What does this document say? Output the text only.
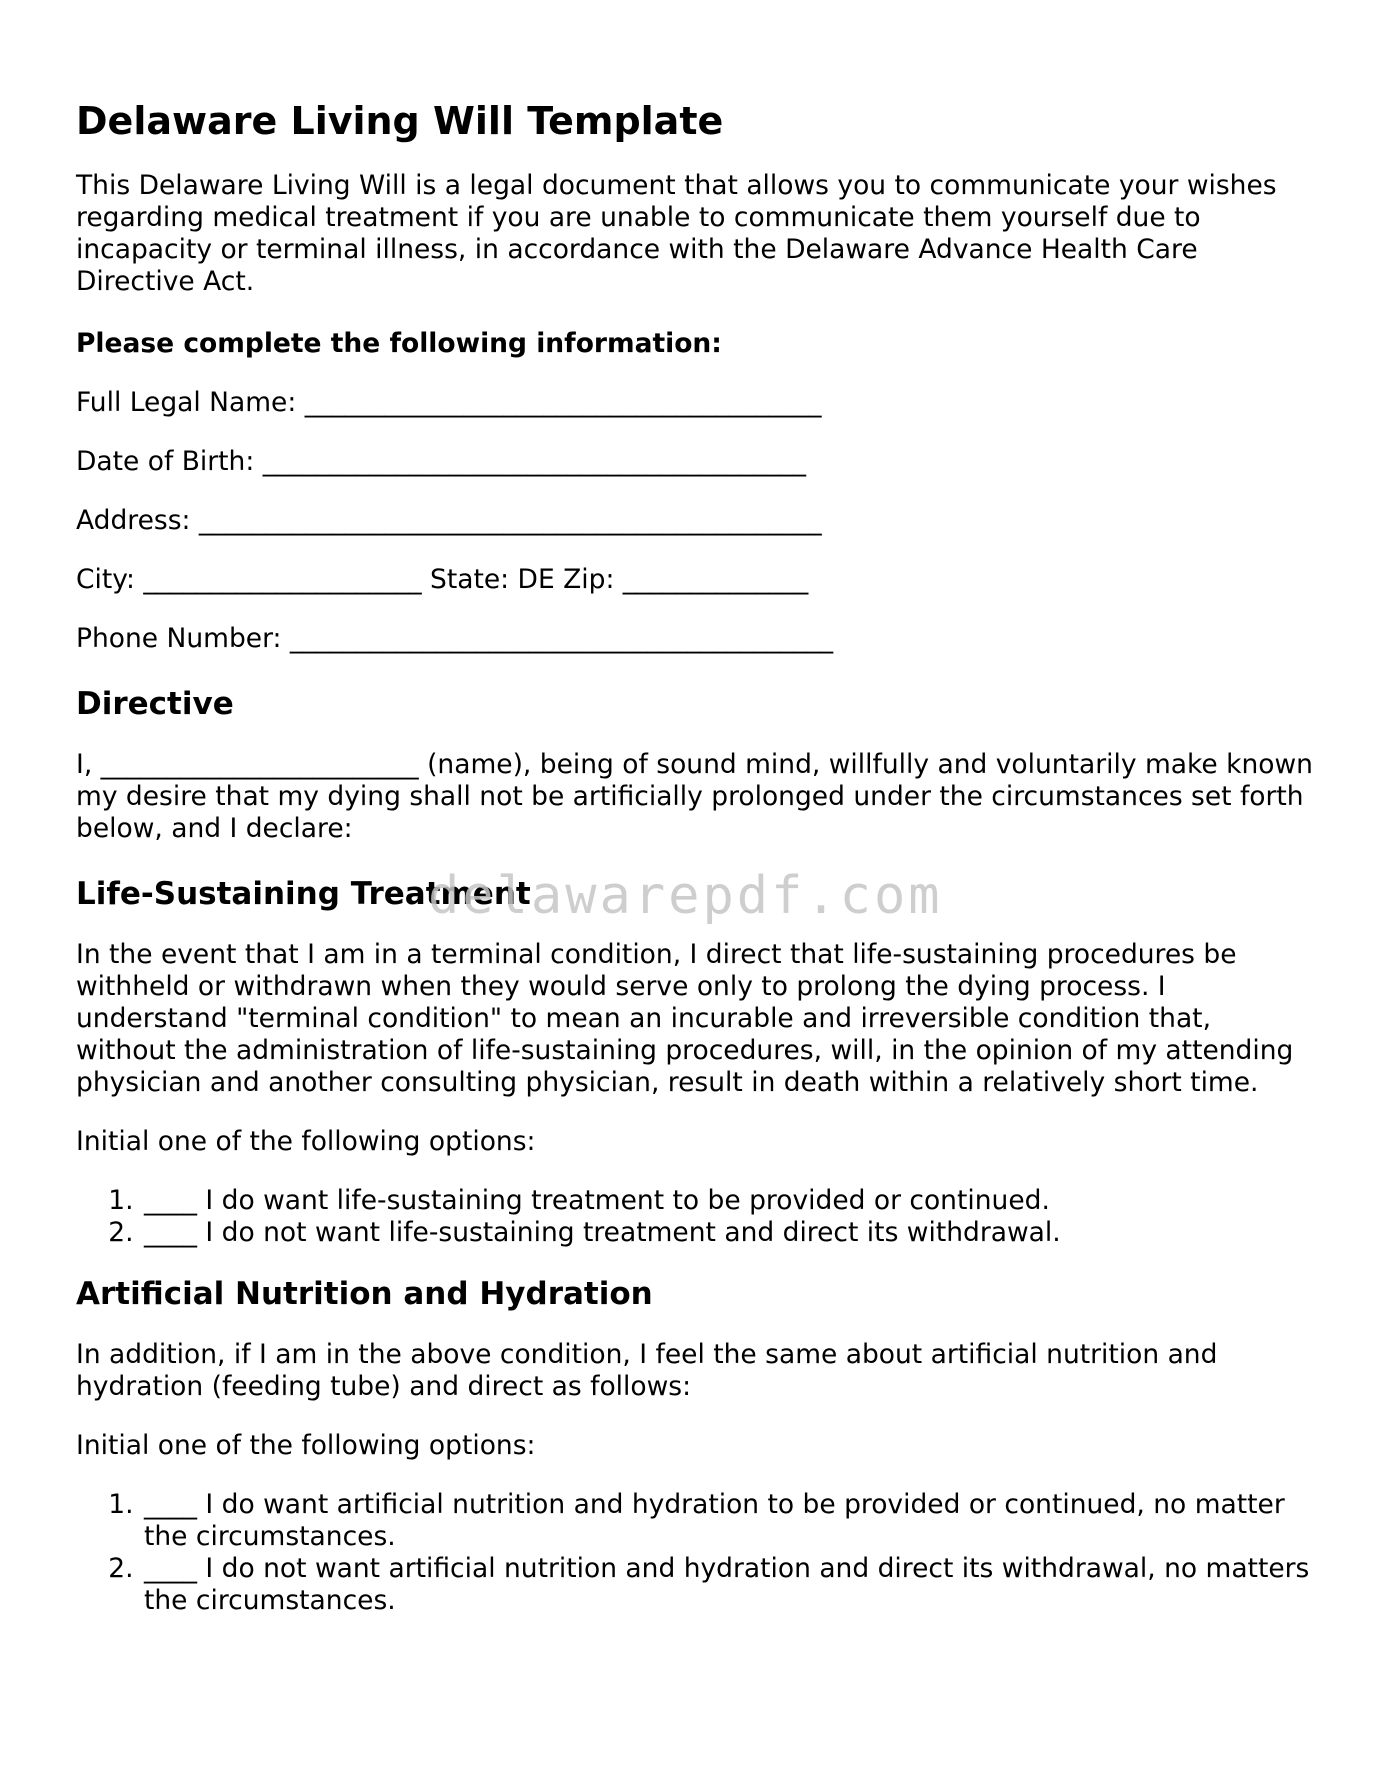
Delaware Living Will Template

This Delaware Living Will is a legal document that allows you to communicate your wishes regarding medical treatment if you are unable to communicate them yourself due to incapacity or terminal illness, in accordance with the Delaware Advance Health Care Directive Act.

Please complete the following information:

Full Legal Name: _______________________________________
Date of Birth: _________________________________________
Address: _______________________________________________
City: _____________________ State: DE Zip: ______________
Phone Number: _________________________________________
Directive

I, ________________________ (name), being of sound mind, willfully and voluntarily make known my desire that my dying shall not be artificially prolonged under the circumstances set forth below, and I declare:

Life-Sustaining Treatment

In the event that I am in a terminal condition, I direct that life-sustaining procedures be withheld or withdrawn when they would serve only to prolong the dying process. I understand "terminal condition" to mean an incurable and irreversible condition that, without the administration of life-sustaining procedures, will, in the opinion of my attending physician and another consulting physician, result in death within a relatively short time.

Initial one of the following options:

1. ____ I do want life-sustaining treatment to be provided or continued.
2. ____ I do not want life-sustaining treatment and direct its withdrawal.
Artificial Nutrition and Hydration

In addition, if I am in the above condition, I feel the same about artificial nutrition and hydration (feeding tube) and direct as follows:

Initial one of the following options:

1. ____ I do want artificial nutrition and hydration to be provided or continued, no matter the circumstances.
2. ____ I do not want artificial nutrition and hydration and direct its withdrawal, no matters the circumstances.
delawarepdf.com
